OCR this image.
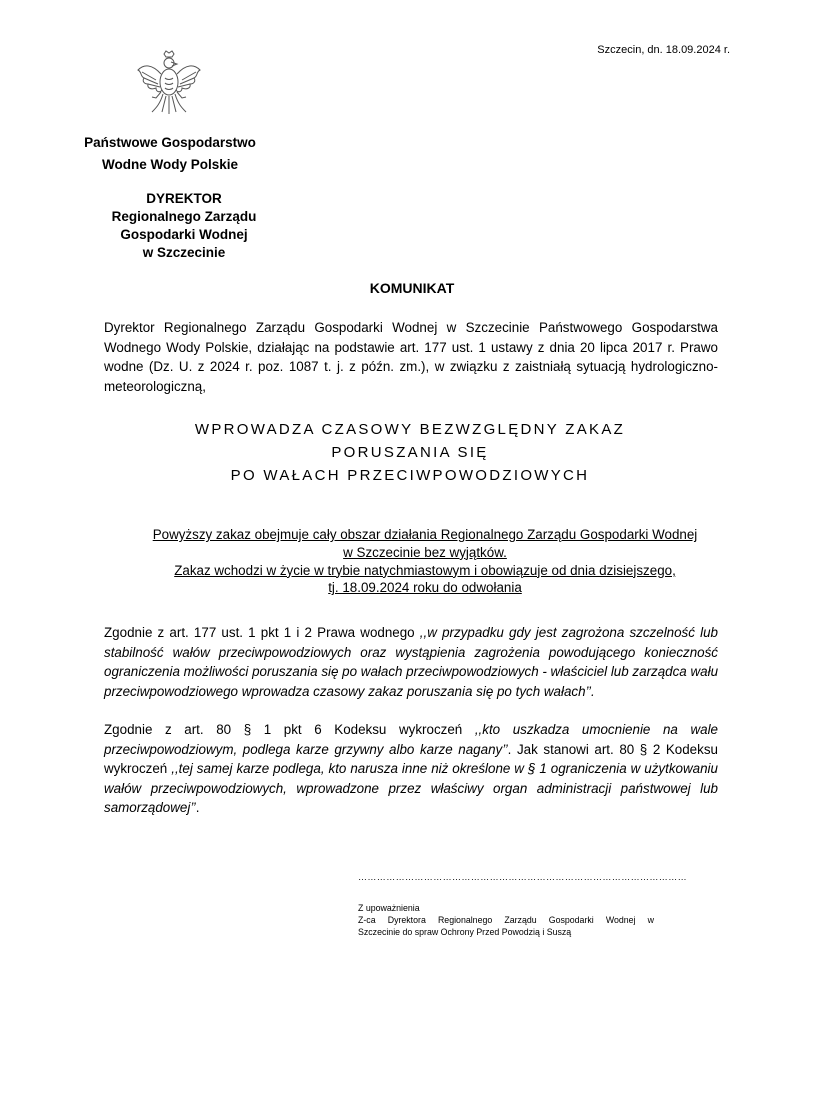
Szczecin, dn. 18.09.2024 r.
Państwowe Gospodarstwo
Wodne Wody Polskie
DYREKTOR
Regionalnego Zarządu
Gospodarki Wodnej
w Szczecinie
KOMUNIKAT
Dyrektor Regionalnego Zarządu Gospodarki Wodnej w Szczecinie Państwowego Gospodarstwa Wodnego Wody Polskie, działając na podstawie art. 177 ust. 1 ustawy z dnia 20 lipca 2017 r. Prawo wodne (Dz. U. z 2024 r. poz. 1087 t. j. z późn. zm.), w związku z zaistniałą sytuacją hydrologiczno-meteorologiczną,
WPROWADZA CZASOWY BEZWZGLĘDNY ZAKAZ
PORUSZANIA SIĘ
PO WAŁACH PRZECIWPOWODZIOWYCH
Powyższy zakaz obejmuje cały obszar działania Regionalnego Zarządu Gospodarki Wodnej
w Szczecinie bez wyjątków.
Zakaz wchodzi w życie w trybie natychmiastowym i obowiązuje od dnia dzisiejszego,
tj. 18.09.2024 roku do odwołania
Zgodnie z art. 177 ust. 1 pkt 1 i 2 Prawa wodnego ,,w przypadku gdy jest zagrożona szczelność lub stabilność wałów przeciwpowodziowych oraz wystąpienia zagrożenia powodującego konieczność ograniczenia możliwości poruszania się po wałach przeciwpowodziowych - właściciel lub zarządca wału przeciwpowodziowego wprowadza czasowy zakaz poruszania się po tych wałach’’.
Zgodnie z art. 80 § 1 pkt 6 Kodeksu wykroczeń ,,kto uszkadza umocnienie na wale przeciwpowodziowym, podlega karze grzywny albo karze nagany’’. Jak stanowi art. 80 § 2 Kodeksu wykroczeń ,,tej samej karze podlega, kto narusza inne niż określone w § 1 ograniczenia w użytkowaniu wałów przeciwpowodziowych, wprowadzone przez właściwy organ administracji państwowej lub samorządowej’’.
……………………………………………………………………………………………
Z upoważnienia
Z-ca Dyrektora Regionalnego Zarządu Gospodarki Wodnej w
Szczecinie do spraw Ochrony Przed Powodzią i Suszą
